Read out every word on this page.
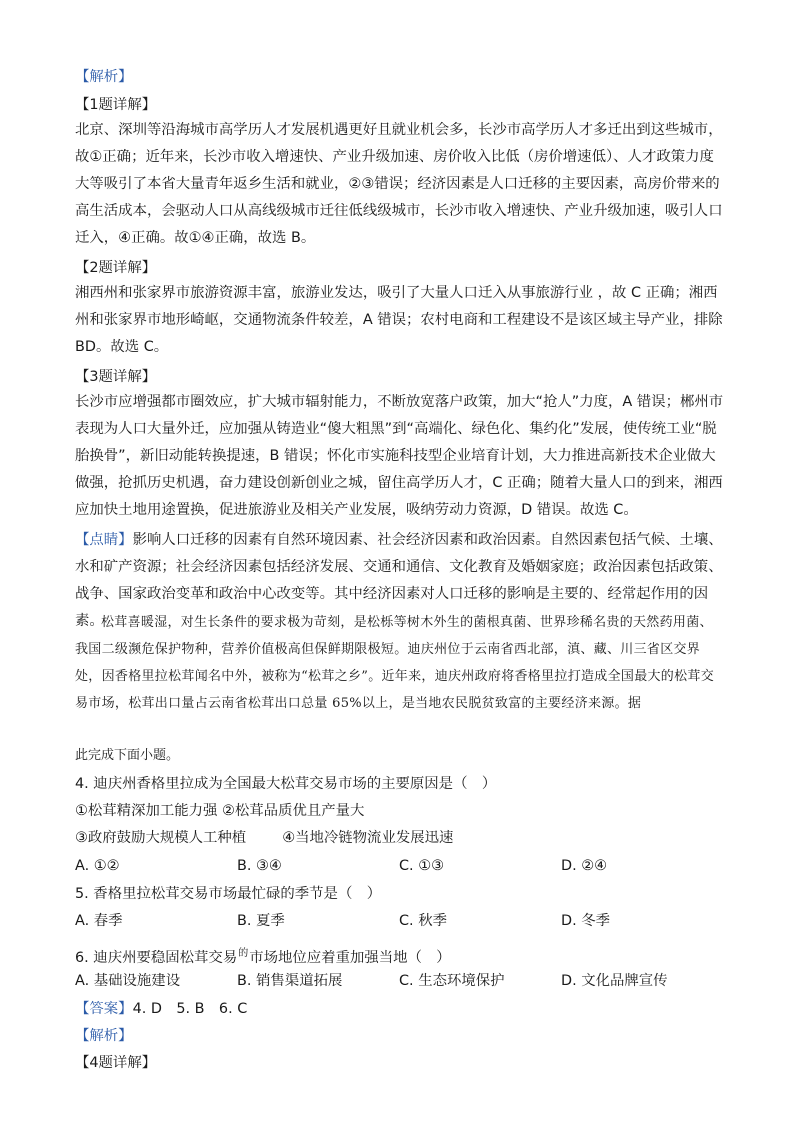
【解析】
【1题详解】
北京、深圳等沿海城市高学历人才发展机遇更好且就业机会多，长沙市高学历人才多迁出到这些城市，故①正确；近年来，长沙市收入增速快、产业升级加速、房价收入比低（房价增速低）、人才政策力度大等吸引了本省大量青年返乡生活和就业，②③错误；经济因素是人口迁移的主要因素，高房价带来的高生活成本，会驱动人口从高线级城市迁往低线级城市，长沙市收入增速快、产业升级加速，吸引人口迁入，④正确。故①④正确，故选 B。
【2题详解】
湘西州和张家界市旅游资源丰富，旅游业发达，吸引了大量人口迁入从事旅游行业 ，故 C 正确；湘西州和张家界市地形崎岖，交通物流条件较差，A 错误；农村电商和工程建设不是该区域主导产业，排除 BD。故选 C。
【3题详解】
长沙市应增强都市圈效应，扩大城市辐射能力，不断放宽落户政策，加大“抢人”力度，A 错误；郴州市表现为人口大量外迁，应加强从铸造业“傻大粗黑”到“高端化、绿色化、集约化”发展，使传统工业“脱胎换骨”，新旧动能转换提速，B 错误；怀化市实施科技型企业培育计划，大力推进高新技术企业做大做强，抢抓历史机遇，奋力建设创新创业之城，留住高学历人才，C 正确；随着大量人口的到来，湘西应加快土地用途置换，促进旅游业及相关产业发展，吸纳劳动力资源，D 错误。故选 C。
【点睛】影响人口迁移的因素有自然环境因素、社会经济因素和政治因素。自然因素包括气候、土壤、水和矿产资源；社会经济因素包括经济发展、交通和通信、文化教育及婚姻家庭；政治因素包括政策、战争、国家政治变革和政治中心改变等。其中经济因素对人口迁移的影响是主要的、经常起作用的因素。
松茸喜暖湿，对生长条件的要求极为苛刻，是松栎等树木外生的菌根真菌、世界珍稀名贵的天然药用菌、我国二级濒危保护物种，营养价值极高但保鲜期限极短。迪庆州位于云南省西北部，滇、藏、川三省区交界处，因香格里拉松茸闻名中外，被称为“松茸之乡”。近年来，迪庆州政府将香格里拉打造成全国最大的松茸交易市场，松茸出口量占云南省松茸出口总量 65%以上，是当地农民脱贫致富的主要经济来源。据
此完成下面小题。
4. 迪庆州香格里拉成为全国最大松茸交易市场的主要原因是（　）
①松茸精深加工能力强 ②松茸品质优且产量大
③政府鼓励大规模人工种植	④当地冷链物流业发展迅速
A. ①②	B. ③④	C. ①③	D. ②④
5. 香格里拉松茸交易市场最忙碌的季节是（　）
A. 春季	B. 夏季	C. 秋季	D. 冬季
6. 迪庆州要稳固松茸交易$^的$市场地位应着重加强当地（　）
A. 基础设施建设	B. 销售渠道拓展	C. 生态环境保护	D. 文化品牌宣传
【答案】4. D　5. B　6. C
【解析】
【4题详解】
